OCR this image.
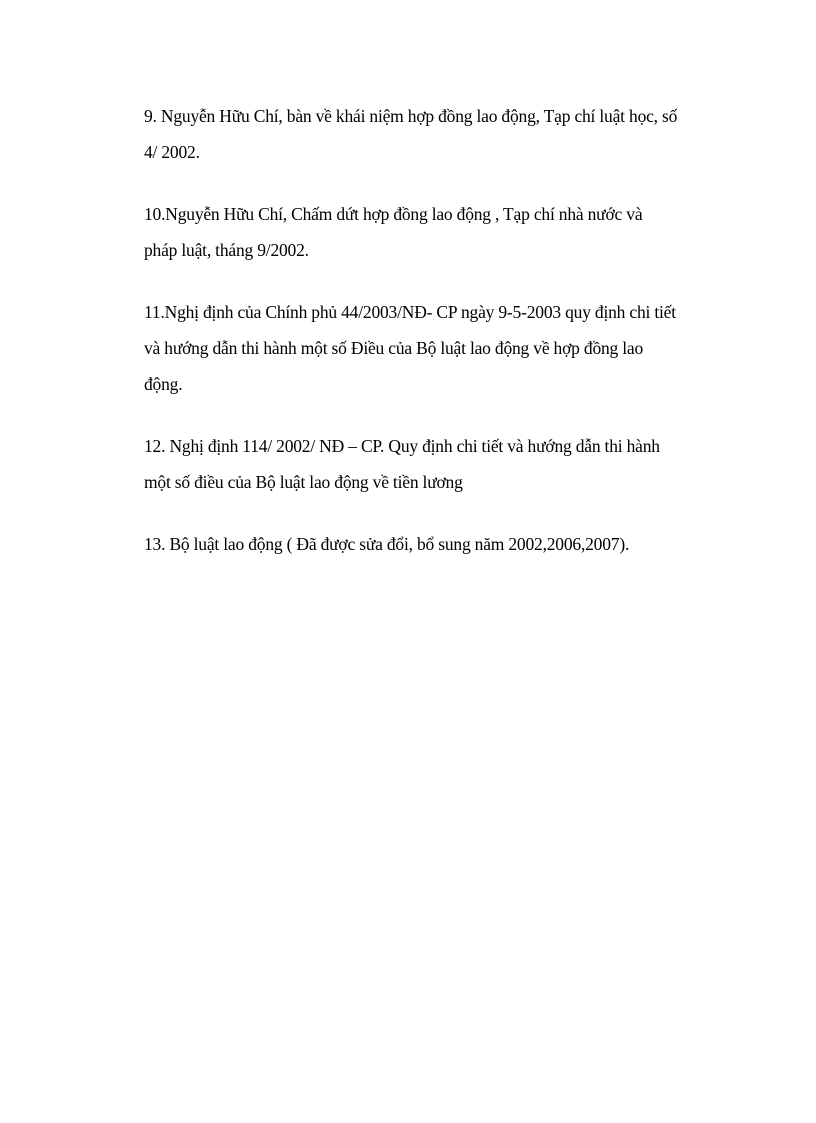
9. Nguyễn Hữu Chí, bàn về khái niệm hợp đồng lao động, Tạp chí luật học, số
4/ 2002.
10.Nguyễn Hữu Chí, Chấm dứt hợp đồng lao động , Tạp chí nhà nước và
pháp luật, tháng 9/2002.
11.Nghị định của Chính phủ 44/2003/NĐ- CP ngày 9-5-2003 quy định chi tiết
và hướng dẫn thi hành một số Điều của Bộ luật lao động về hợp đồng lao
động.
12. Nghị định 114/ 2002/ NĐ – CP. Quy định chi tiết và hướng dẫn thi hành
một số điều của Bộ luật lao động về tiền lương
13. Bộ luật lao động ( Đã được sửa đổi, bổ sung năm 2002,2006,2007).
